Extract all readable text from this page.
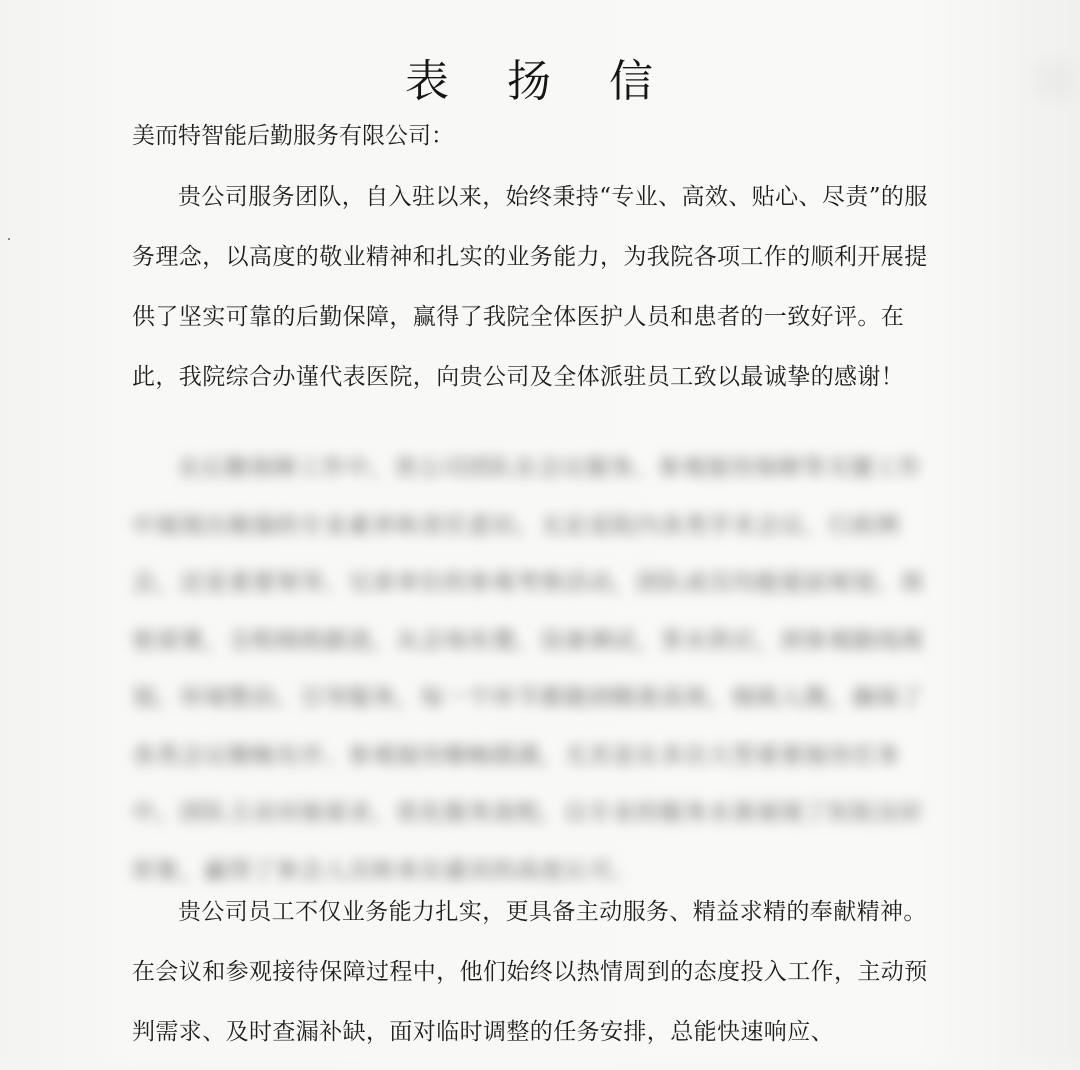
表 扬 信
美而特智能后勤服务有限公司：
贵公司服务团队，自入驻以来，始终秉持“专业、高效、贴心、尽责”的服务理念，以高度的敬业精神和扎实的业务能力，为我院各项工作的顺利开展提供了坚实可靠的后勤保障，赢得了我院全体医护人员和患者的一致好评。在此，我院综合办谨代表医院，向贵公司及全体派驻员工致以最诚挚的感谢！
在后勤保障工作中，贵公司团队在会议服务、参观接待保障等关键工作中展现出极强的专业素养和责任意识。无论是院内各类学术会议、行政例会，还是重要领导、兄弟单位的参观考察活动，团队成员均能提前规划、周密部署，全程细致跟进，从会场布置、设备调试、茶水供应，到参观路线规划、环境整治、引导服务，每一个环节都做到精准高效、细致入微，确保了各类会议顺畅有序、参观接待顺畅圆满，尤其是在多次大型重要接待任务中，团队主动对接需求，优化服务流程，以专业的服务水准展现了医院良好形象，赢得了参会人员和来访嘉宾的高度认可。
贵公司员工不仅业务能力扎实，更具备主动服务、精益求精的奉献精神。在会议和参观接待保障过程中，他们始终以热情周到的态度投入工作，主动预判需求、及时查漏补缺，面对临时调整的任务安排，总能快速响应、
